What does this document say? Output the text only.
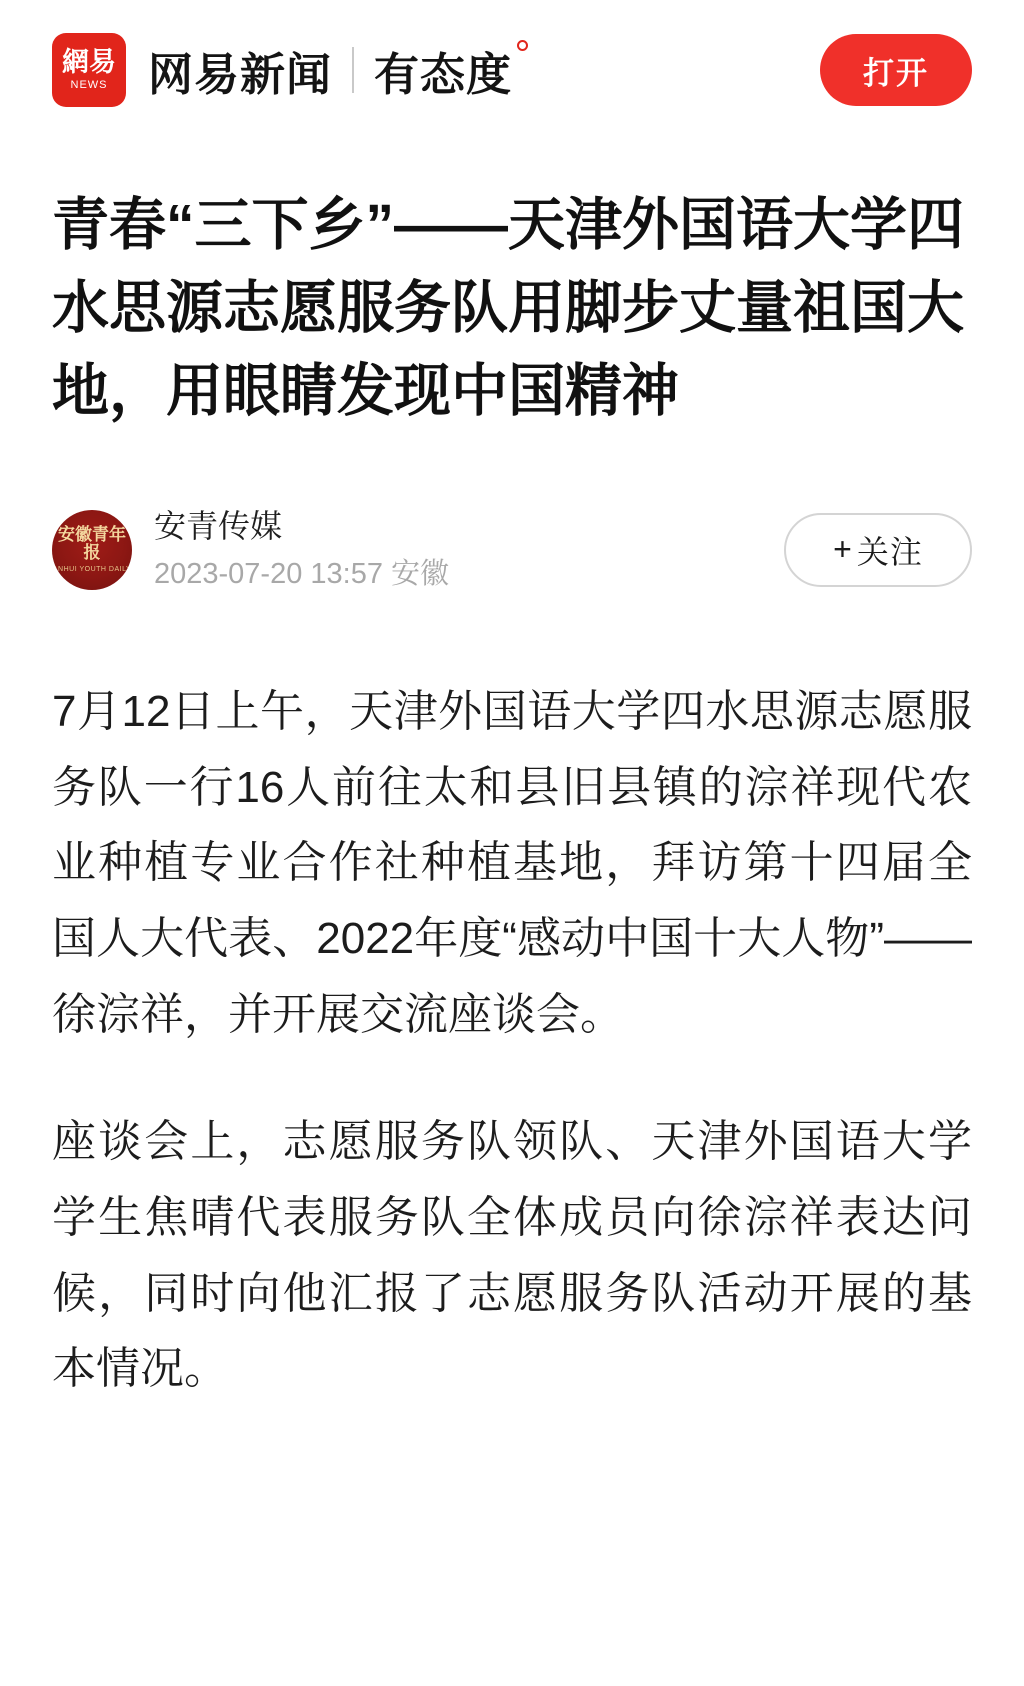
網易
NEWS 网易新闻 有态度	打开
青春“三下乡”——天津外国语大学四水思源志愿服务队用脚步丈量祖国大地，用眼睛发现中国精神
安徽青年报
ANHUI YOUTH DAILY
安青传媒
2023-07-20 13:57 安徽
+ 关注

7月12日上午，天津外国语大学四水思源志愿服务队一行16人前往太和县旧县镇的淙祥现代农业种植专业合作社种植基地，拜访第十四届全国人大代表、2022年度“感动中国十大人物”——徐淙祥，并开展交流座谈会。

座谈会上，志愿服务队领队、天津外国语大学学生焦晴代表服务队全体成员向徐淙祥表达问候，同时向他汇报了志愿服务队活动开展的基本情况。
